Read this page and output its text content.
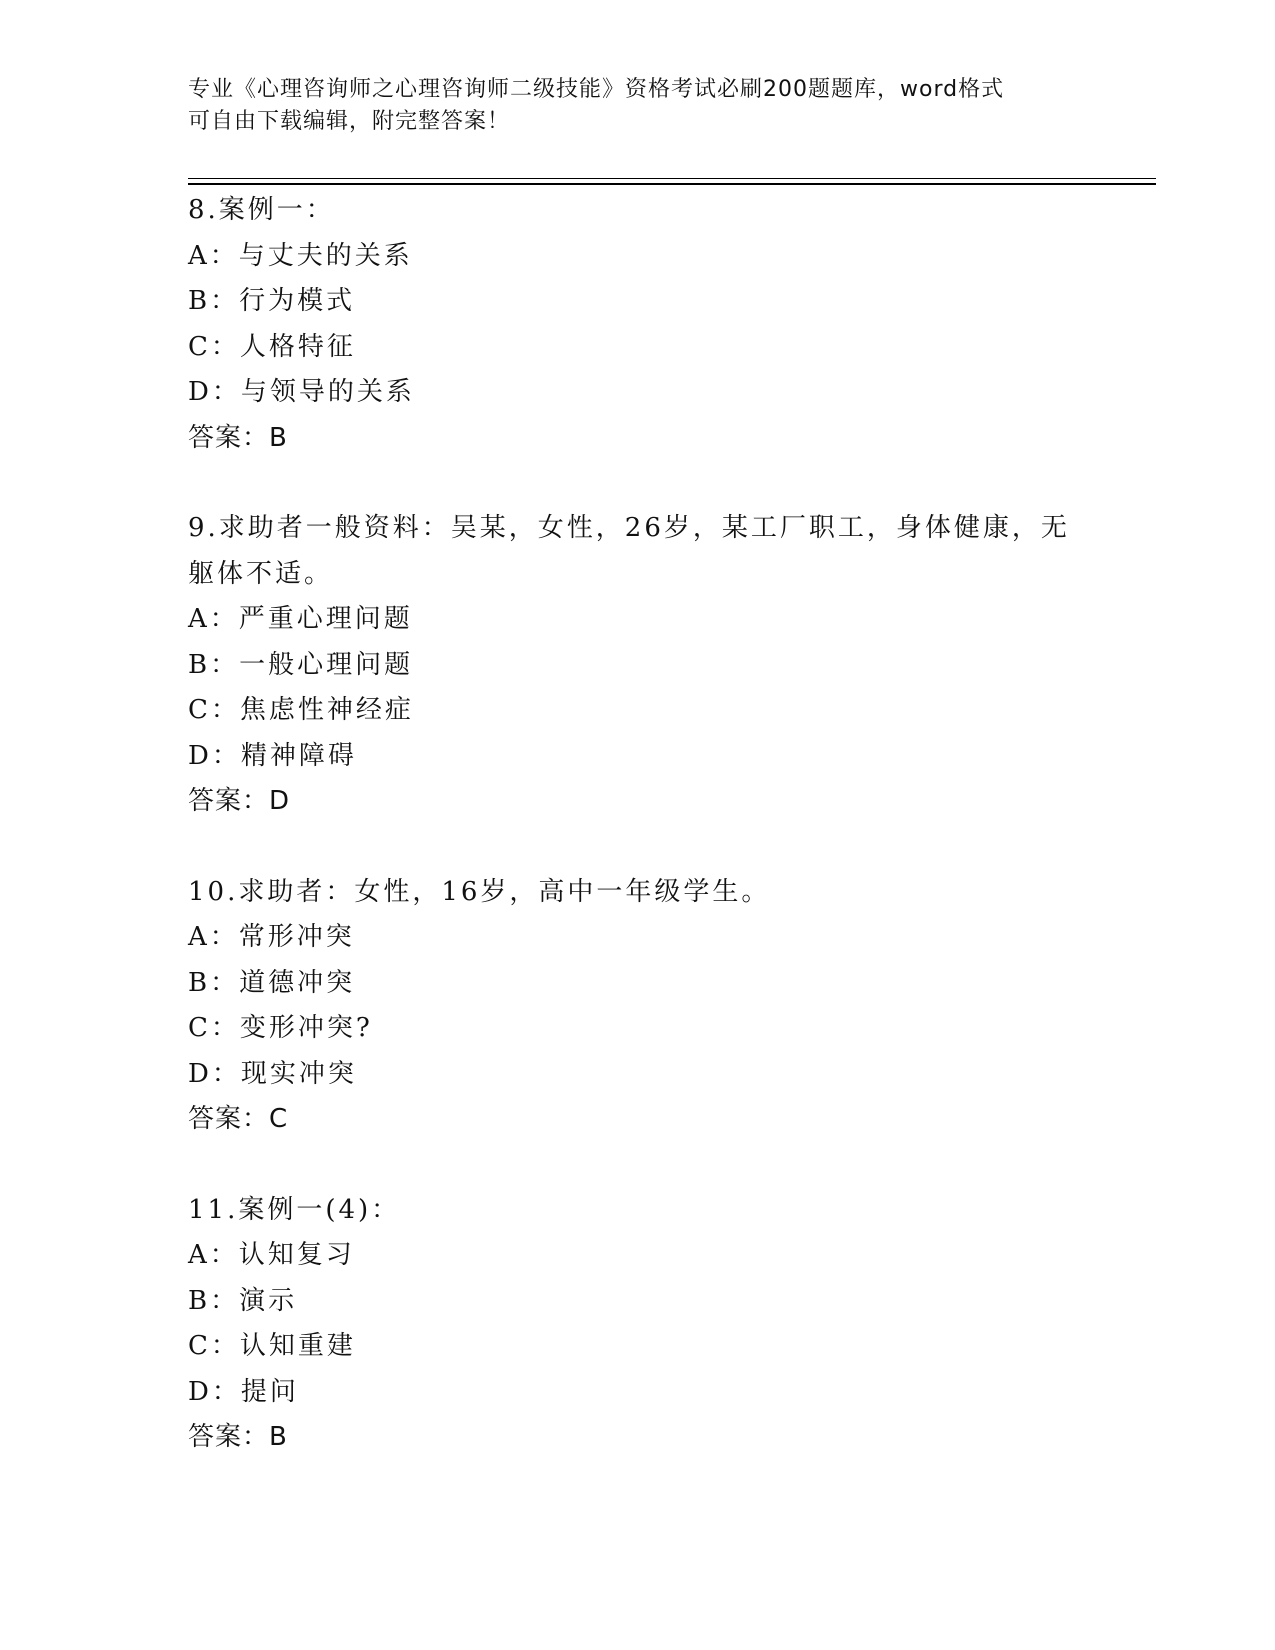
专业《心理咨询师之心理咨询师二级技能》资格考试必刷200题题库，word格式
可自由下载编辑，附完整答案！
8.案例一：
A：与丈夫的关系
B：行为模式
C：人格特征
D：与领导的关系
答案：B
9.求助者一般资料：吴某，女性，26岁，某工厂职工，身体健康，无躯体不适。
A：严重心理问题
B：一般心理问题
C：焦虑性神经症
D：精神障碍
答案：D
10.求助者：女性，16岁，高中一年级学生。
A：常形冲突
B：道德冲突
C：变形冲突?
D：现实冲突
答案：C
11.案例一(4)：
A：认知复习
B：演示
C：认知重建
D：提问
答案：B
